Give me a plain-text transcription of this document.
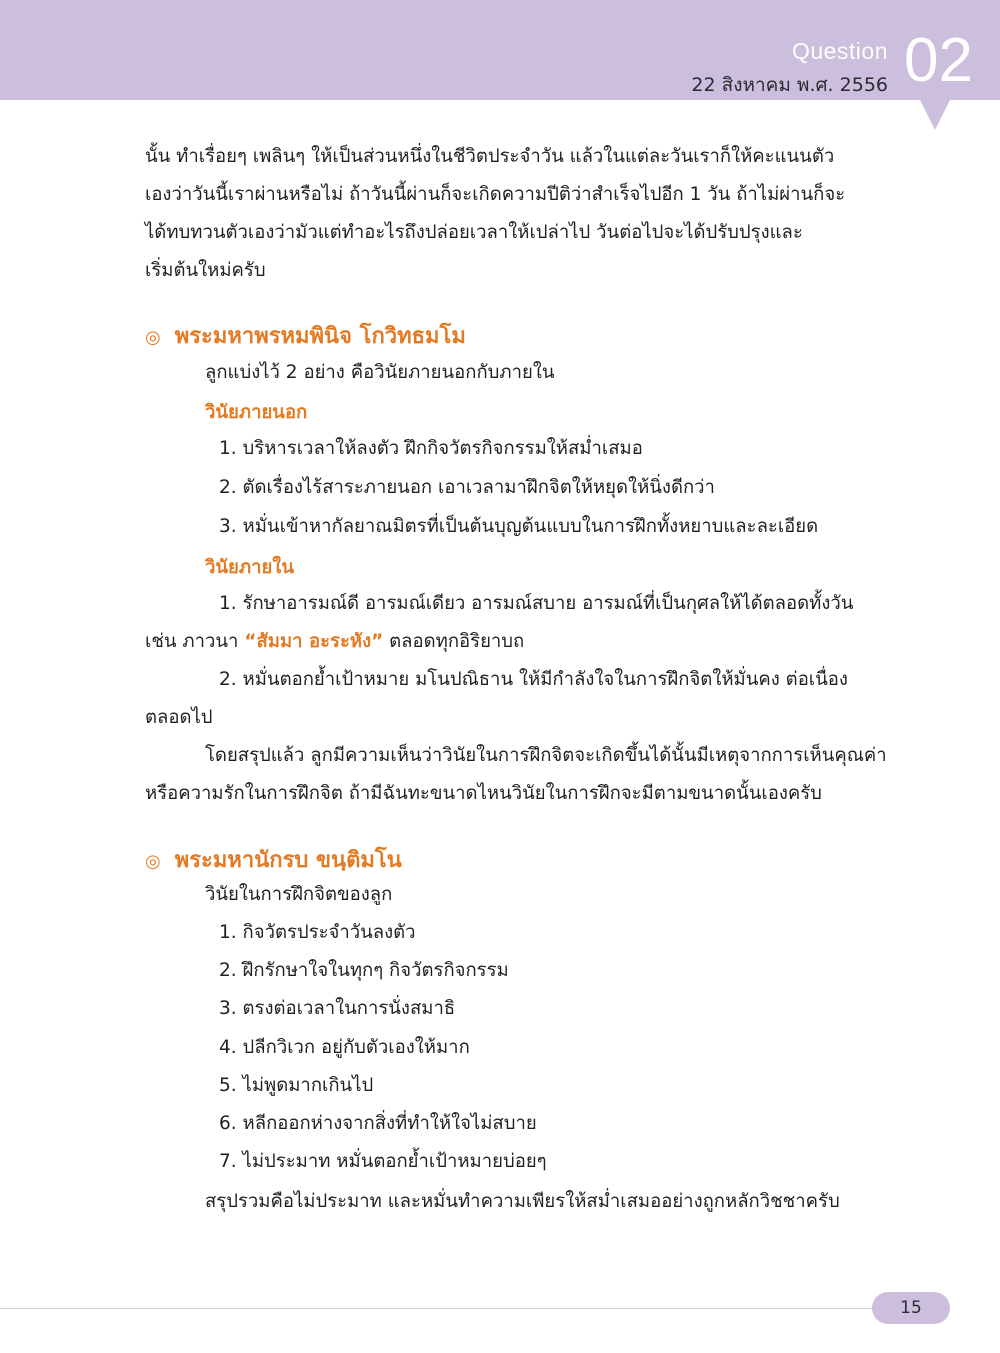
Question
22 สิงหาคม พ.ศ. 2556 02
นั้น ทำเรื่อยๆ เพลินๆ ให้เป็นส่วนหนึ่งในชีวิตประจำวัน แล้วในแต่ละวันเราก็ให้คะแนนตัว
เองว่าวันนี้เราผ่านหรือไม่ ถ้าวันนี้ผ่านก็จะเกิดความปีติว่าสำเร็จไปอีก 1 วัน ถ้าไม่ผ่านก็จะ
ได้ทบทวนตัวเองว่ามัวแต่ทำอะไรถึงปล่อยเวลาให้เปล่าไป วันต่อไปจะได้ปรับปรุงและ
เริ่มต้นใหม่ครับ
◎ พระมหาพรหมพินิจ โกวิทธมโม
ลูกแบ่งไว้ 2 อย่าง คือวินัยภายนอกกับภายใน
วินัยภายนอก
1. บริหารเวลาให้ลงตัว ฝึกกิจวัตรกิจกรรมให้สม่ำเสมอ
2. ตัดเรื่องไร้สาระภายนอก เอาเวลามาฝึกจิตให้หยุดให้นิ่งดีกว่า
3. หมั่นเข้าหากัลยาณมิตรที่เป็นต้นบุญต้นแบบในการฝึกทั้งหยาบและละเอียด
วินัยภายใน
1. รักษาอารมณ์ดี อารมณ์เดียว อารมณ์สบาย อารมณ์ที่เป็นกุศลให้ได้ตลอดทั้งวัน
เช่น ภาวนา “สัมมา อะระหัง” ตลอดทุกอิริยาบถ
2. หมั่นตอกย้ำเป้าหมาย มโนปณิธาน ให้มีกำลังใจในการฝึกจิตให้มั่นคง ต่อเนื่อง
ตลอดไป
โดยสรุปแล้ว ลูกมีความเห็นว่าวินัยในการฝึกจิตจะเกิดขึ้นได้นั้นมีเหตุจากการเห็นคุณค่า
หรือความรักในการฝึกจิต ถ้ามีฉันทะขนาดไหนวินัยในการฝึกจะมีตามขนาดนั้นเองครับ
◎ พระมหานักรบ ขนฺติมโน
วินัยในการฝึกจิตของลูก
1. กิจวัตรประจำวันลงตัว
2. ฝึกรักษาใจในทุกๆ กิจวัตรกิจกรรม
3. ตรงต่อเวลาในการนั่งสมาธิ
4. ปลีกวิเวก อยู่กับตัวเองให้มาก
5. ไม่พูดมากเกินไป
6. หลีกออกห่างจากสิ่งที่ทำให้ใจไม่สบาย
7. ไม่ประมาท หมั่นตอกย้ำเป้าหมายบ่อยๆ
สรุปรวมคือไม่ประมาท และหมั่นทำความเพียรให้สม่ำเสมออย่างถูกหลักวิชชาครับ
15
